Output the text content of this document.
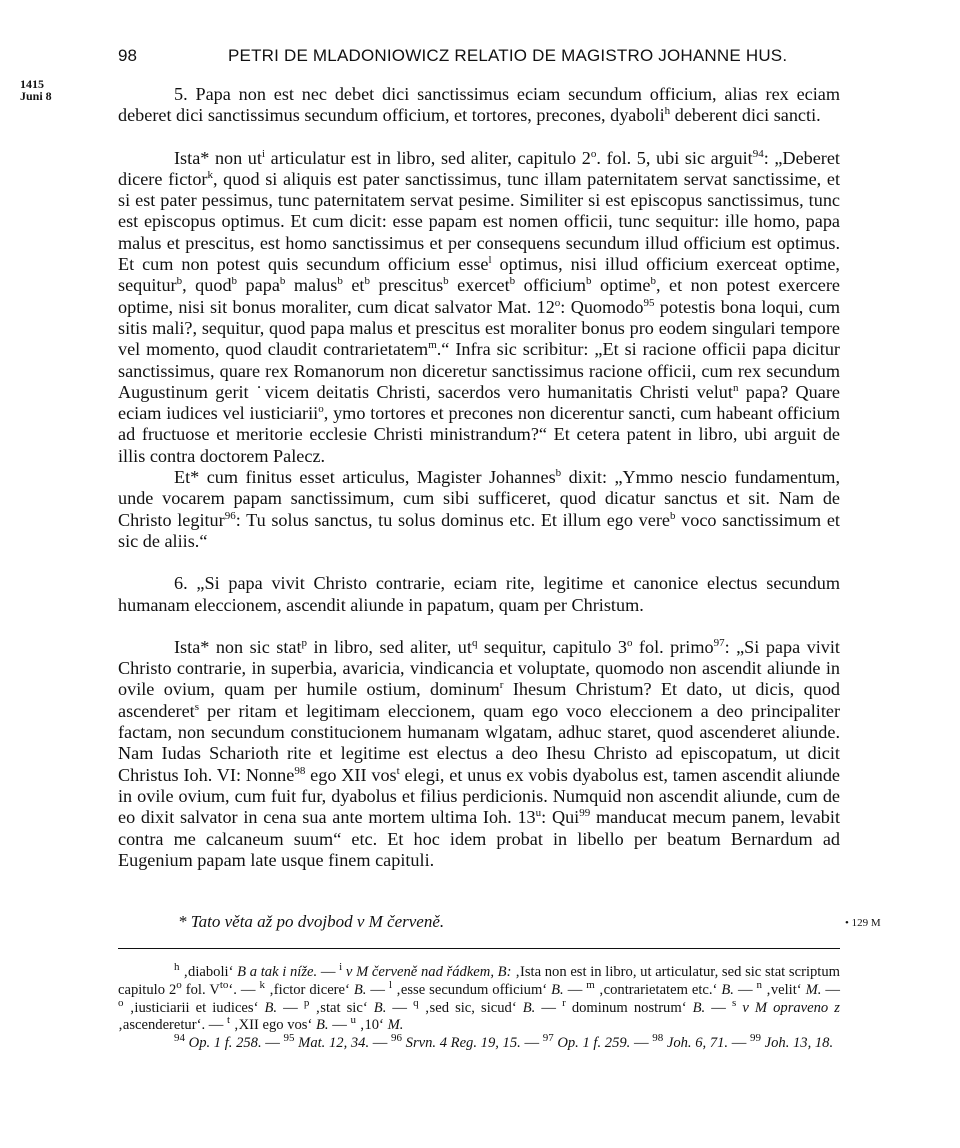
98	PETRI DE MLADONIOWICZ RELATIO DE MAGISTRO JOHANNE HUS.
1415
Juni 8
• 129 M

5. Papa non est nec debet dici sanctissimus eciam secundum officium, alias rex eciam deberet dici sanctissimus secundum officium, et tortores, precones, dyaboli$^h$ deberent dici sancti.

Ista* non $ut^i$ articulatur est in libro, sed aliter, capitulo 2$^o$. fol. 5, ubi sic arguit$^{94}$: „Deberet dicere fictor$^k$, quod si aliquis est pater sanctissimus, tunc illam paternitatem servat sanctissime, et si est pater pessimus, tunc paternitatem servat pesime. Similiter si est episcopus sanctissimus, tunc est episcopus optimus. Et cum dicit: esse papam est nomen officii, tunc sequitur: ille homo, papa malus et prescitus, est homo sanctissimus et per consequens secundum illud officium est optimus. Et cum non potest quis secundum officium esse$^l$ optimus, nisi illud officium exerceat optime, sequitur$^b$, quod$^b$ papa$^b$ malus$^b$ $et^b$ prescitus$^b$ exercet$^b$ officium$^b$ optime$^b$, et non potest exercere optime, nisi sit bonus moraliter, cum dicat salvator Mat. 12$^o$: Quomodo$^{95}$ potestis bona loqui, cum sitis mali?, sequitur, quod papa malus et prescitus est moraliter bonus pro eodem singulari tempore vel momento, quod claudit contrarietatem$^m$.“ Infra sic scribitur: „Et si racione officii papa dicitur sanctissimus, quare rex Romanorum non diceretur sanctissimus racione officii, cum rex secundum Augustinum gerit ˙vicem deitatis Christi, sacerdos vero humanitatis Christi velut$^n$ papa? Quare eciam iudices vel iusticiarii$^o$, ymo tortores et precones non dicerentur sancti, cum habeant officium ad fructuose et meritorie ecclesie Christi ministrandum?“ Et cetera patent in libro, ubi arguit de illis contra doctorem Palecz.

Et* cum finitus esset articulus, Magister Johannes$^b$ dixit: „Ymmo nescio fundamentum, unde vocarem papam sanctissimum, cum sibi sufficeret, quod dicatur sanctus et sit. Nam de Christo legitur$^{96}$: Tu solus sanctus, tu solus dominus etc. Et illum ego vere$^b$ voco sanctissimum et sic de aliis.“

6. „Si papa vivit Christo contrarie, eciam rite, legitime et canonice electus secundum humanam eleccionem, ascendit aliunde in papatum, quam per Christum.

Ista* non sic stat$^p$ in libro, sed aliter, $ut^q$ sequitur, capitulo 3$^o$ fol. primo$^{97}$: „Si papa vivit Christo contrarie, in superbia, avaricia, vindicancia et voluptate, quomodo non ascendit aliunde in ovile ovium, quam per humile ostium, dominum$^r$ Ihesum Christum? Et dato, ut dicis, quod ascenderet$^s$ per ritam et legitimam eleccionem, quam ego voco eleccionem a deo principaliter factam, non secundum constitucionem humanam wlgatam, adhuc staret, quod ascenderet aliunde. Nam Iudas Scharioth rite et legitime est electus a deo Ihesu Christo ad episcopatum, ut dicit Christus Ioh. VI: Nonne$^{98}$ ego XII vos$^t$ elegi, et unus ex vobis dyabolus est, tamen ascendit aliunde in ovile ovium, cum fuit fur, dyabolus et filius perdicionis. Numquid non ascendit aliunde, cum de eo dixit salvator in cena sua ante mortem ultima Ioh. 13$^u$: Qui$^{99}$ manducat mecum panem, levabit contra me calcaneum suum“ etc. Et hoc idem probat in libello per beatum Bernardum ad Eugenium papam late usque finem capituli.

* Tato věta až po dvojbod v M červeně.

$^h$ ‚diaboli‘ B a tak i níže. — $^i$ v M červeně nad řádkem, B: ‚Ista non est in libro, ut articulatur, sed sic stat scriptum capitulo 2$^o$ fol. $V^{to}‘$. — $^k$ ‚fictor dicere‘ B. — $^l$ ‚esse secundum officium‘ B. — $^m$ ‚contrarietatem etc.‘ B. — $^n$ ‚velit‘ M. — $^o$ ‚iusticiarii et iudices‘ B. — $^p$ ‚stat sic‘ B. — $^q$ ‚sed sic, sicud‘ B. — $^r$ dominum nostrum‘ B. — $^s$ v M opraveno z ‚ascenderetur‘. — $^t$ ‚XII ego vos‘ B. — $^u$ ‚10‘ M.

$^{94}$ Op. 1 f. 258. — $^{95}$ Mat. 12, 34. — $^{96}$ Srvn. 4 Reg. 19, 15. — $^{97}$ Op. 1 f. 259. — $^{98}$ Joh. 6, 71. — $^{99}$ Joh. 13, 18.
